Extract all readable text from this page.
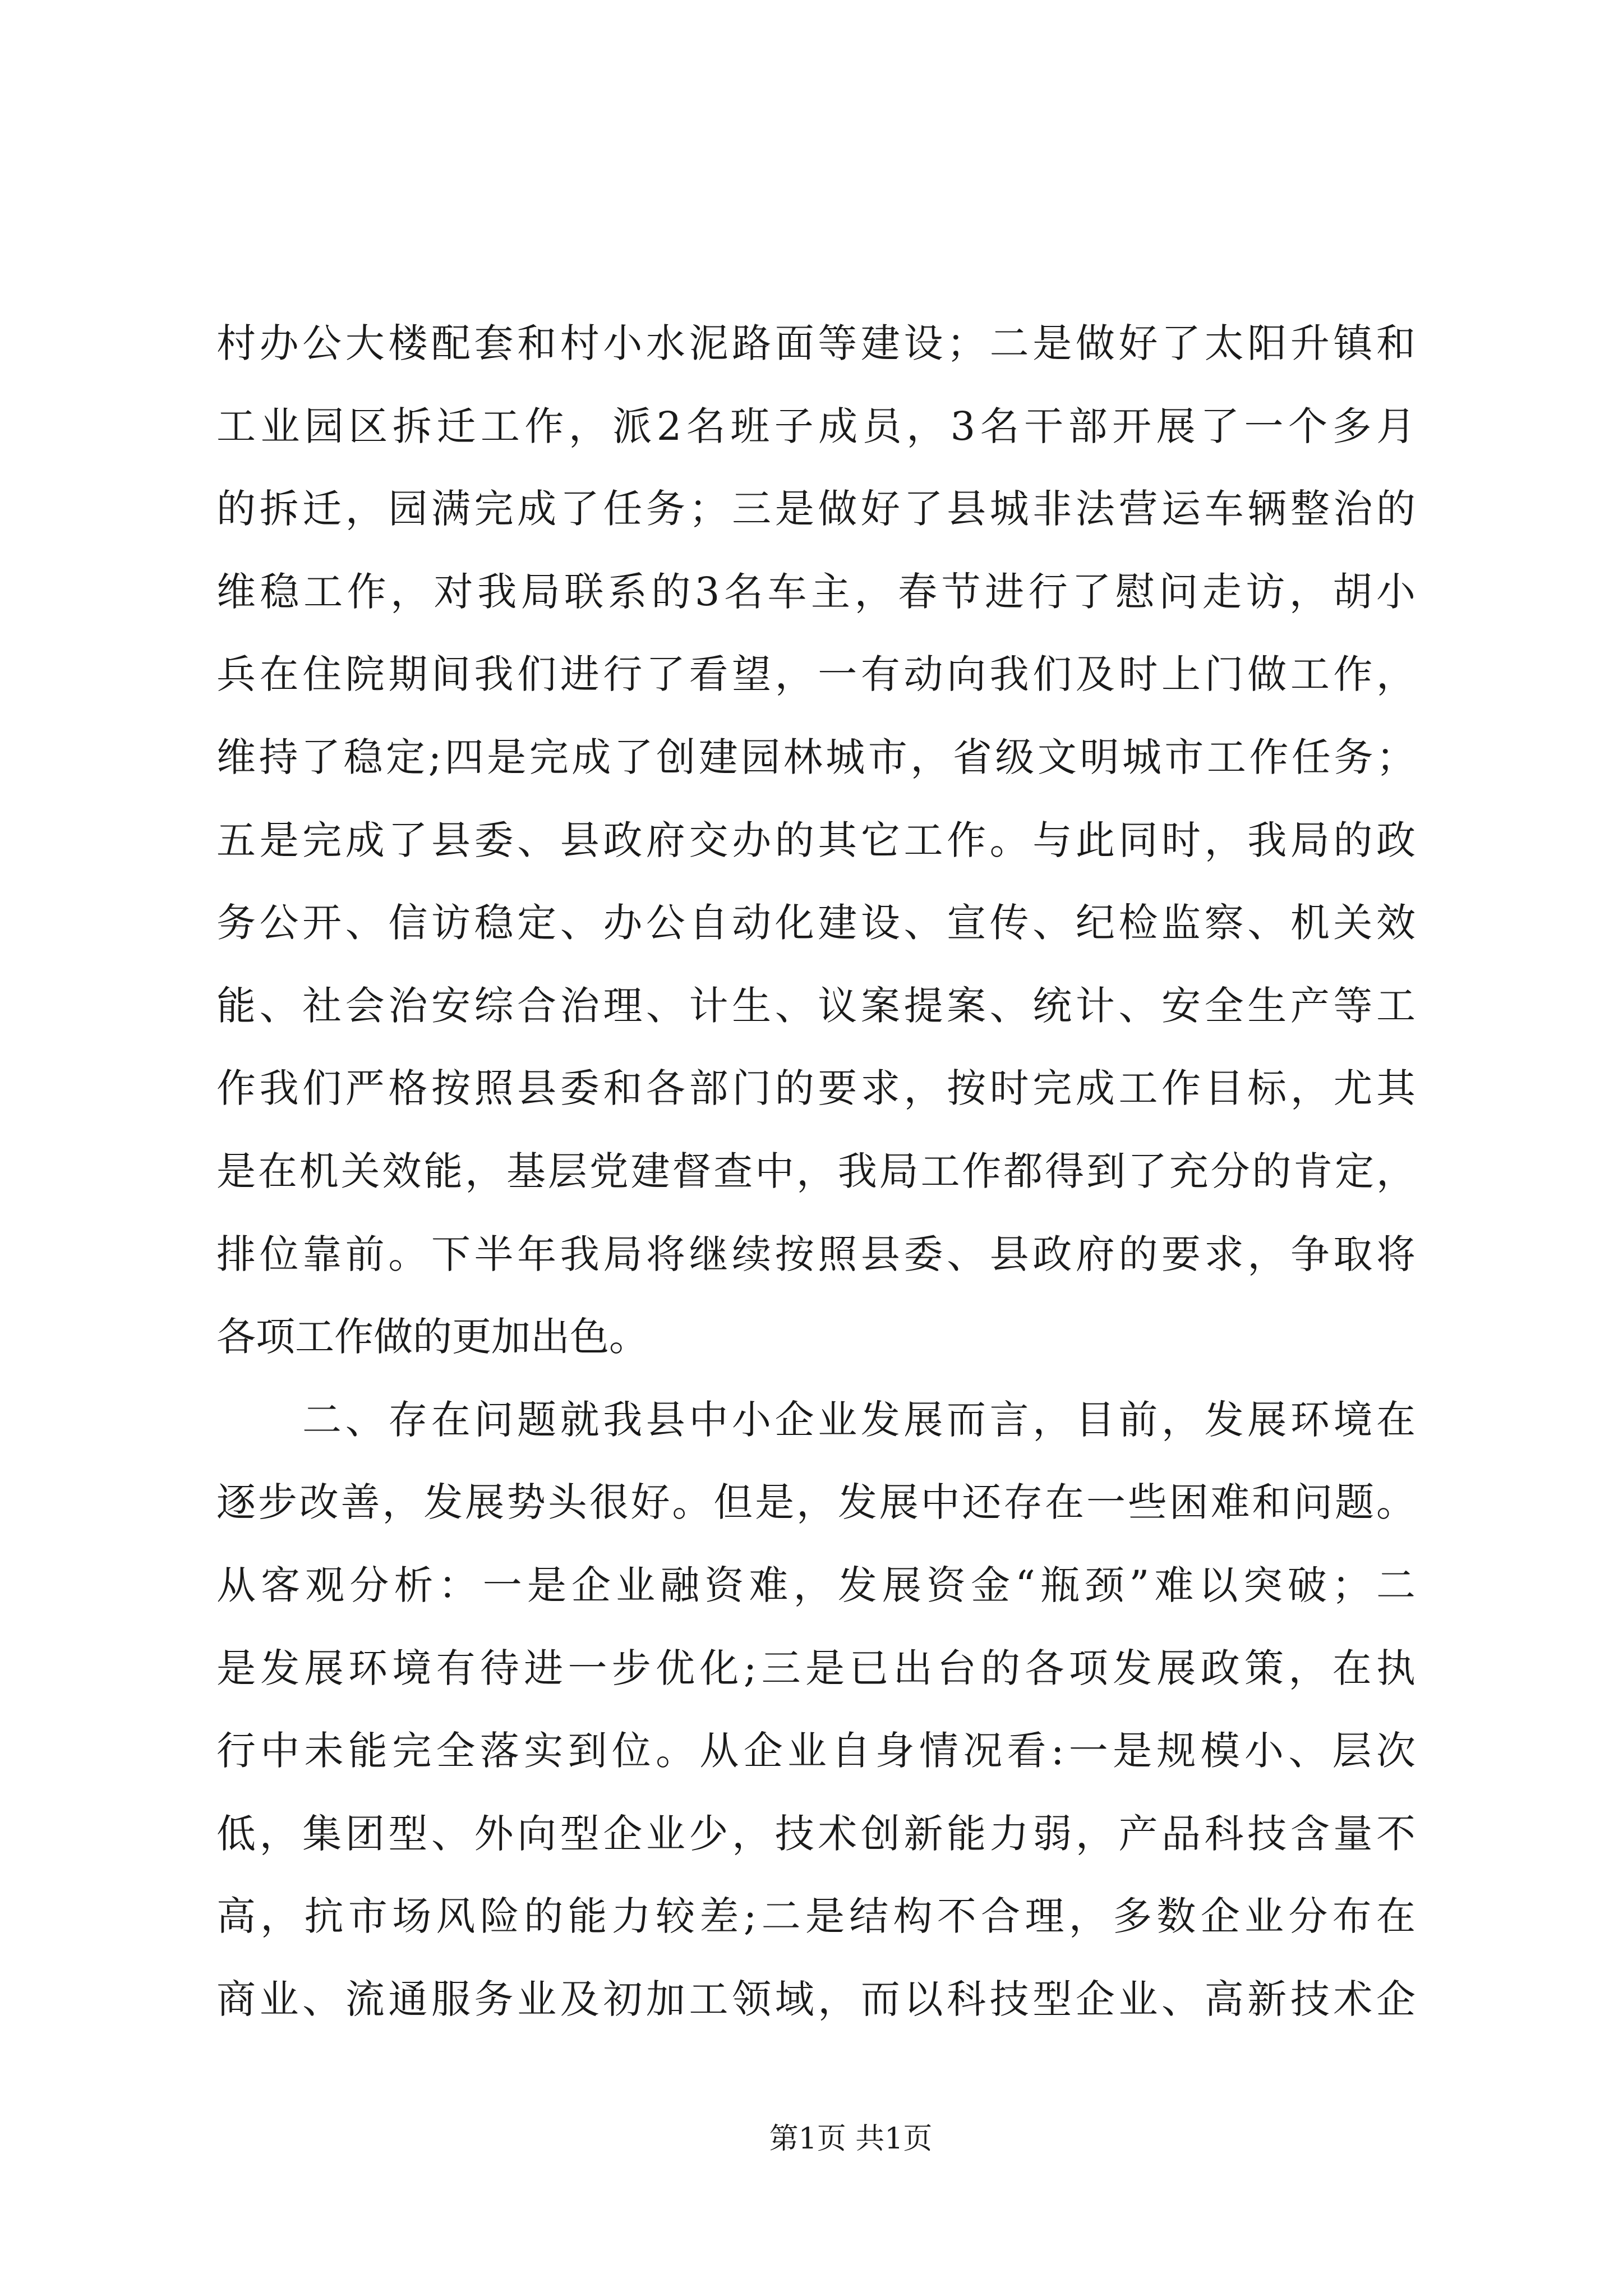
村办公大楼配套和村小水泥路面等建设；二是做好了太阳升镇和
工业园区拆迁工作，派2名班子成员，3名干部开展了一个多月
的拆迁，园满完成了任务；三是做好了县城非法营运车辆整治的
维稳工作，对我局联系的3名车主，春节进行了慰问走访，胡小
兵在住院期间我们进行了看望，一有动向我们及时上门做工作，
维持了稳定;四是完成了创建园林城市，省级文明城市工作任务；
五是完成了县委、县政府交办的其它工作。与此同时，我局的政
务公开、信访稳定、办公自动化建设、宣传、纪检监察、机关效
能、社会治安综合治理、计生、议案提案、统计、安全生产等工
作我们严格按照县委和各部门的要求，按时完成工作目标，尤其
是在机关效能，基层党建督查中，我局工作都得到了充分的肯定，
排位靠前。下半年我局将继续按照县委、县政府的要求，争取将
各项工作做的更加出色。
二、存在问题就我县中小企业发展而言，目前，发展环境在
逐步改善，发展势头很好。但是，发展中还存在一些困难和问题。
从客观分析：一是企业融资难，发展资金“瓶颈”难以突破；二
是发展环境有待进一步优化;三是已出台的各项发展政策，在执
行中未能完全落实到位。从企业自身情况看:一是规模小、层次
低，集团型、外向型企业少，技术创新能力弱，产品科技含量不
高，抗市场风险的能力较差;二是结构不合理，多数企业分布在
商业、流通服务业及初加工领域，而以科技型企业、高新技术企
第1页 共1页
